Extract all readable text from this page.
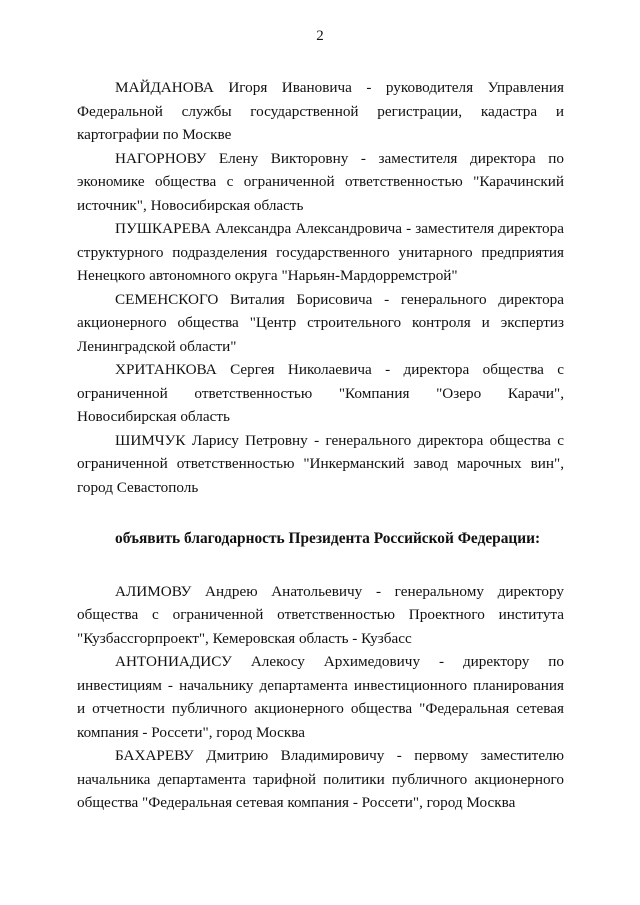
2

МАЙДАНОВА Игоря Ивановича - руководителя Управления Федеральной службы государственной регистрации, кадастра и картографии по Москве

НАГОРНОВУ Елену Викторовну - заместителя директора по экономике общества с ограниченной ответственностью "Карачинский источник", Новосибирская область

ПУШКАРЕВА Александра Александровича - заместителя директора структурного подразделения государственного унитарного предприятия Ненецкого автономного округа "Нарьян-Мардорремстрой"

СЕМЕНСКОГО Виталия Борисовича - генерального директора акционерного общества "Центр строительного контроля и экспертиз Ленинградской области"

ХРИТАНКОВА Сергея Николаевича - директора общества с ограниченной ответственностью "Компания "Озеро Карачи", Новосибирская область

ШИМЧУК Ларису Петровну - генерального директора общества с ограниченной ответственностью "Инкерманский завод марочных вин", город Севастополь

объявить благодарность Президента Российской Федерации:

АЛИМОВУ Андрею Анатольевичу - генеральному директору общества с ограниченной ответственностью Проектного института "Кузбассгорпроект", Кемеровская область - Кузбасс

АНТОНИАДИСУ Алекосу Архимедовичу - директору по инвестициям - начальнику департамента инвестиционного планирования и отчетности публичного акционерного общества "Федеральная сетевая компания - Россети", город Москва

БАХАРЕВУ Дмитрию Владимировичу - первому заместителю начальника департамента тарифной политики публичного акционерного общества "Федеральная сетевая компания - Россети", город Москва
